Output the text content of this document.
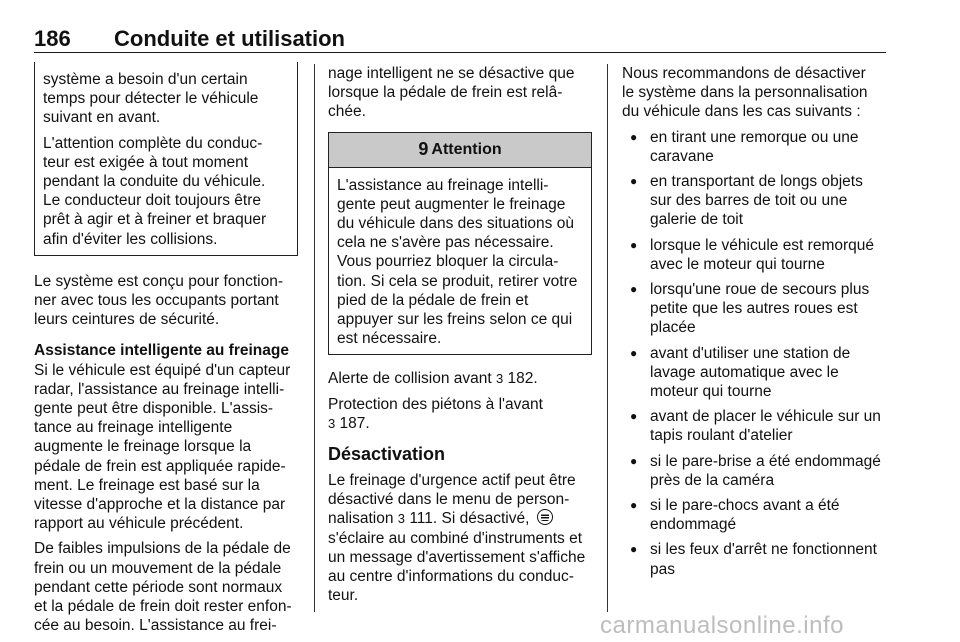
186 Conduite et utilisation

système a besoin d'un certain
temps pour détecter le véhicule
suivant en avant.

L'attention complète du conduc-
teur est exigée à tout moment
pendant la conduite du véhicule.
Le conducteur doit toujours être
prêt à agir et à freiner et braquer
afin d'éviter les collisions.

Le système est conçu pour fonction-
ner avec tous les occupants portant
leurs ceintures de sécurité.

Assistance intelligente au freinage

Si le véhicule est équipé d'un capteur
radar, l'assistance au freinage intelli-
gente peut être disponible. L'assis-
tance au freinage intelligente
augmente le freinage lorsque la
pédale de frein est appliquée rapide-
ment. Le freinage est basé sur la
vitesse d'approche et la distance par
rapport au véhicule précédent.

De faibles impulsions de la pédale de
frein ou un mouvement de la pédale
pendant cette période sont normaux
et la pédale de frein doit rester enfon-
cée au besoin. L'assistance au frei-

nage intelligent ne se désactive que
lorsque la pédale de frein est relâ-
chée.

9 Attention

L'assistance au freinage intelli-
gente peut augmenter le freinage
du véhicule dans des situations où
cela ne s'avère pas nécessaire.
Vous pourriez bloquer la circula-
tion. Si cela se produit, retirer votre
pied de la pédale de frein et
appuyer sur les freins selon ce qui
est nécessaire.

Alerte de collision avant 3 182.

Protection des piétons à l'avant
3 187.

Désactivation

Le freinage d'urgence actif peut être
désactivé dans le menu de person-
nalisation 3 111. Si désactivé,
s'éclaire au combiné d'instruments et
un message d'avertissement s'affiche
au centre d'informations du conduc-
teur.

Nous recommandons de désactiver
le système dans la personnalisation
du véhicule dans les cas suivants :

● en tirant une remorque ou une
caravane
● en transportant de longs objets
sur des barres de toit ou une
galerie de toit
● lorsque le véhicule est remorqué
avec le moteur qui tourne
● lorsqu'une roue de secours plus
petite que les autres roues est
placée
● avant d'utiliser une station de
lavage automatique avec le
moteur qui tourne
● avant de placer le véhicule sur un
tapis roulant d'atelier
● si le pare-brise a été endommagé
près de la caméra
● si le pare-chocs avant a été
endommagé
● si les feux d'arrêt ne fonctionnent
pas
carmanualsonline.info
